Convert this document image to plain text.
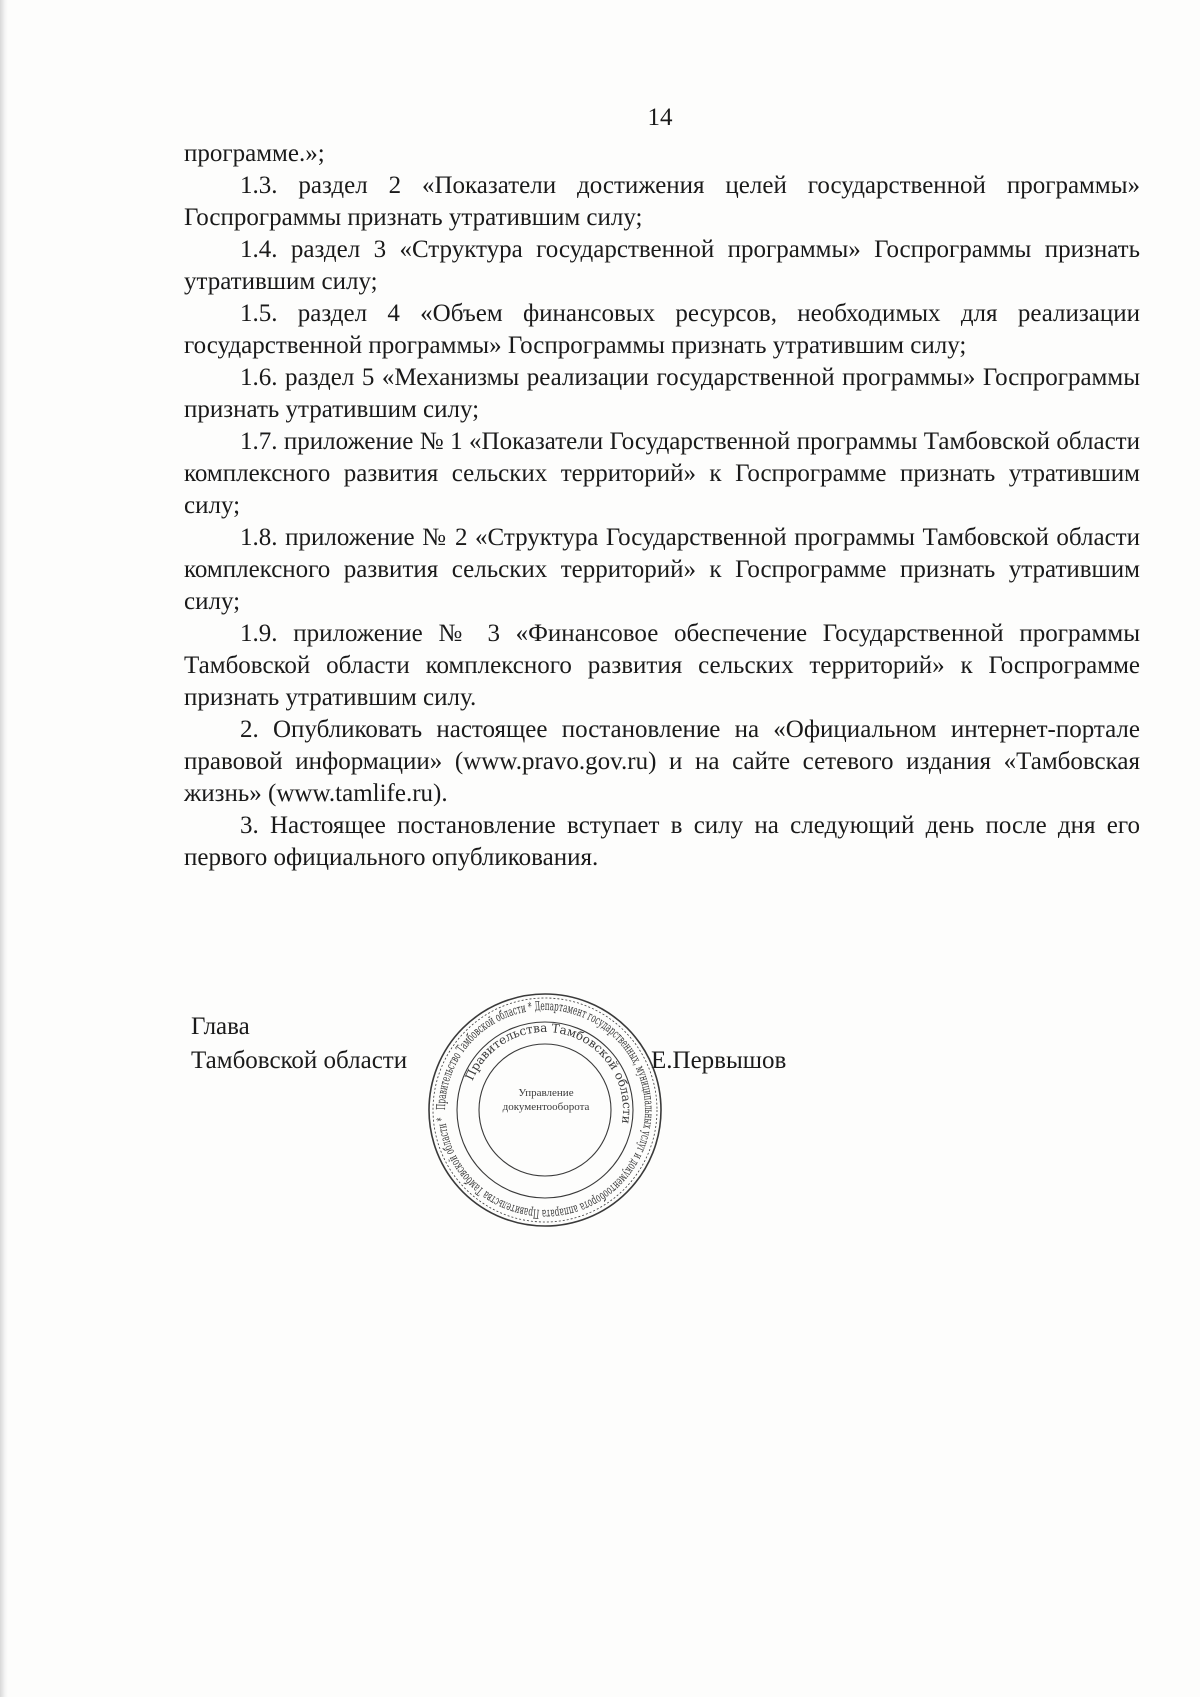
14

программе.»;

1.3. раздел 2 «Показатели достижения целей государственной программы» Госпрограммы признать утратившим силу;

1.4. раздел 3 «Структура государственной программы» Госпрограммы признать утратившим силу;

1.5. раздел 4 «Объем финансовых ресурсов, необходимых для реализации государственной программы» Госпрограммы признать утратившим силу;

1.6. раздел 5 «Механизмы реализации государственной программы» Госпрограммы признать утратившим силу;

1.7. приложение № 1 «Показатели Государственной программы Тамбовской области комплексного развития сельских территорий» к Госпрограмме признать утратившим силу;

1.8. приложение № 2 «Структура Государственной программы Тамбовской области комплексного развития сельских территорий» к Госпрограмме признать утратившим силу;

1.9. приложение № 3 «Финансовое обеспечение Государственной программы Тамбовской области комплексного развития сельских территорий» к Госпрограмме признать утратившим силу.

2. Опубликовать настоящее постановление на «Официальном интернет-портале правовой информации» (www.pravo.gov.ru) и на сайте сетевого издания «Тамбовская жизнь» (www.tamlife.ru).

3. Настоящее постановление вступает в силу на следующий день после дня его первого официального опубликования.

Глава
Тамбовской области	Е.Первышов
Правительство Тамбовской области * Департамент государственных, муниципальных услуг и документооборота аппарата Правительства Тамбовской области *
Правительства Тамбовской области
Управление
документооборота
